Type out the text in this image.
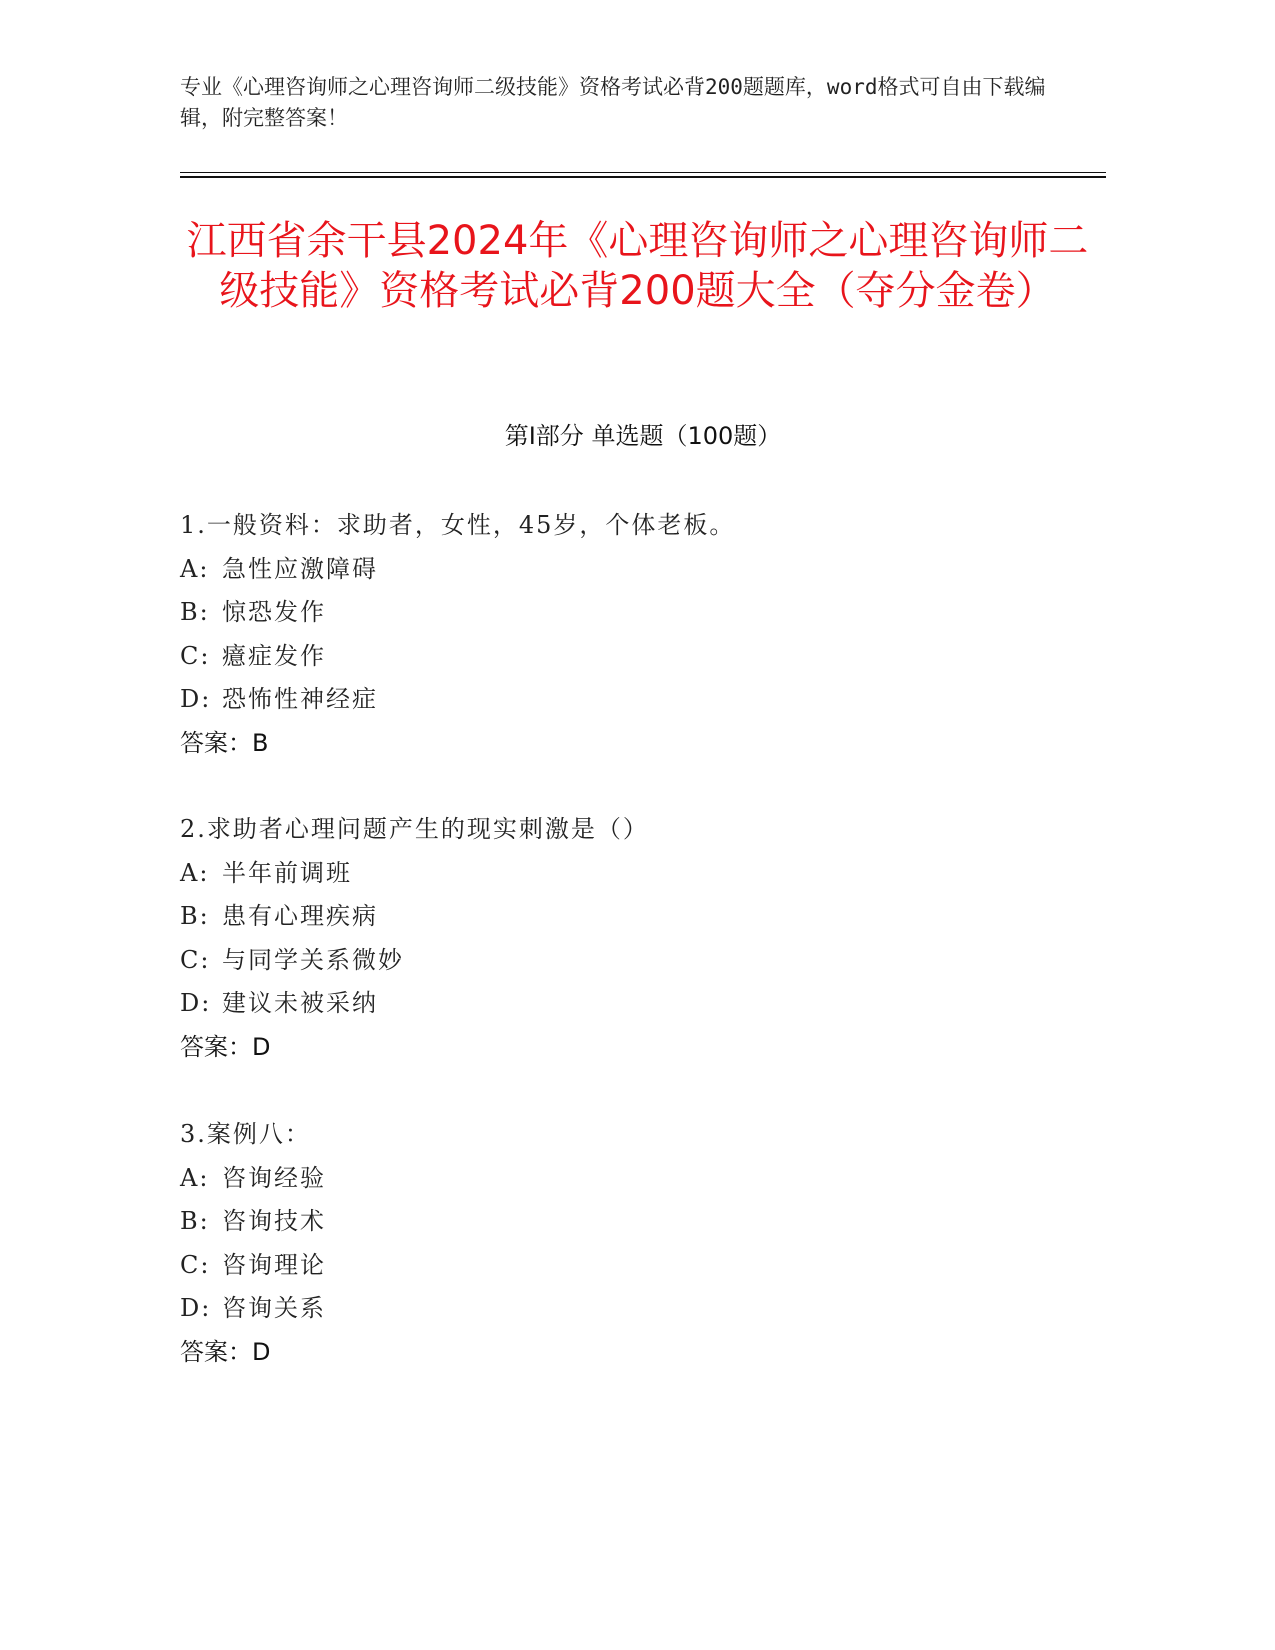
专业《心理咨询师之心理咨询师二级技能》资格考试必背200题题库，word格式可自由下载编辑，附完整答案！
江西省余干县2024年《心理咨询师之心理咨询师二级技能》资格考试必背200题大全（夺分金卷）
第I部分 单选题（100题）
1.一般资料：求助者，女性，45岁，个体老板。
A: 急性应激障碍
B: 惊恐发作
C: 癔症发作
D: 恐怖性神经症
答案：B
2.求助者心理问题产生的现实刺激是（）
A: 半年前调班
B: 患有心理疾病
C: 与同学关系微妙
D: 建议未被采纳
答案：D
3.案例八：
A: 咨询经验
B: 咨询技术
C: 咨询理论
D: 咨询关系
答案：D
